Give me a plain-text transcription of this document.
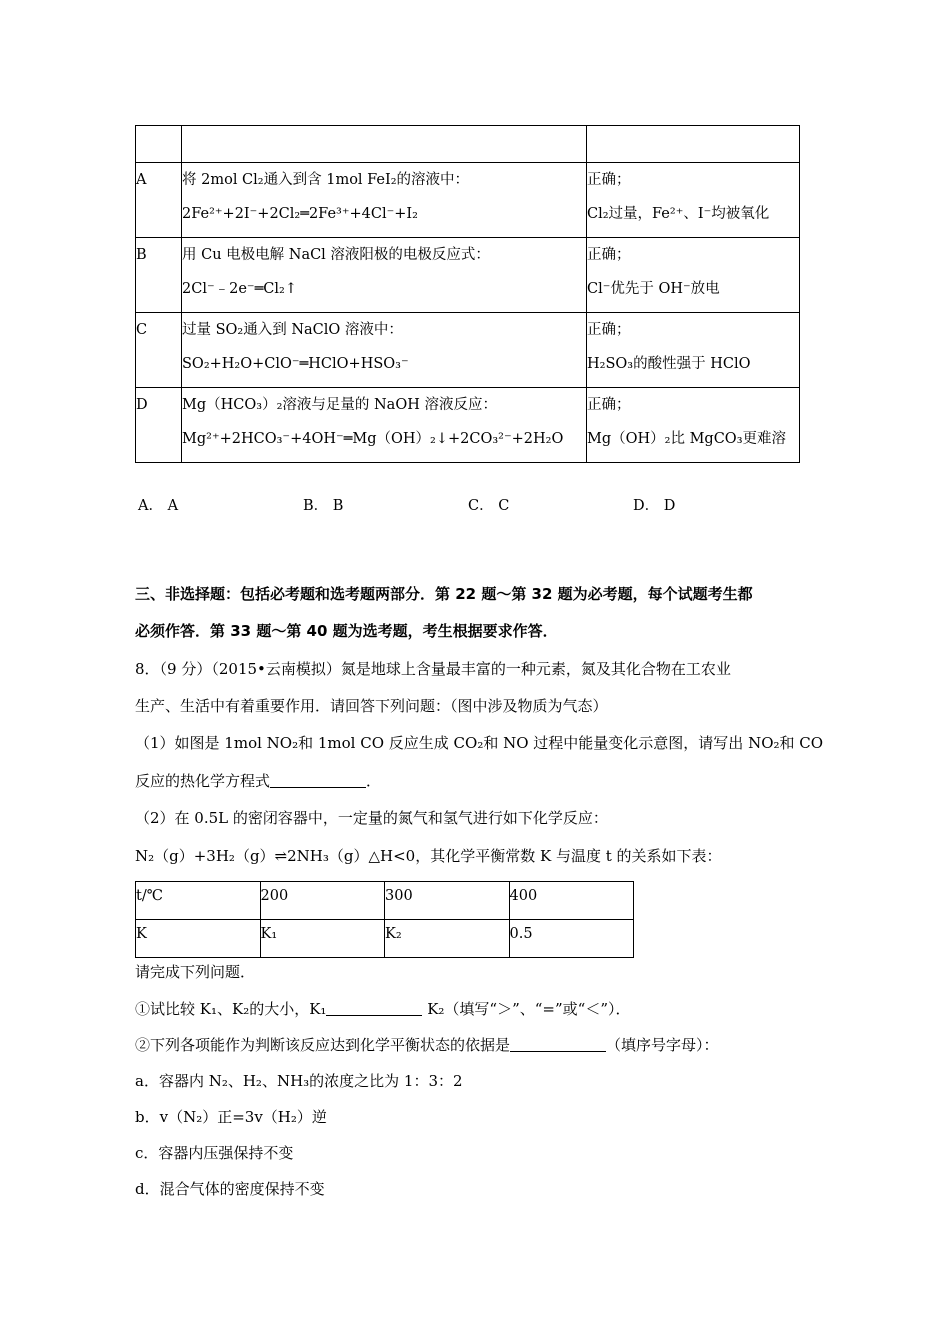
A	将 2mol Cl₂通入到含 1mol FeI₂的溶液中：
2Fe²⁺+2I⁻+2Cl₂═2Fe³⁺+4Cl⁻+I₂	正确；
Cl₂过量，Fe²⁺、I⁻均被氧化

B	用 Cu 电极电解 NaCl 溶液阳极的电极反应式：
2Cl⁻﹣2e⁻═Cl₂↑	正确；
Cl⁻优先于 OH⁻放电

C	过量 SO₂通入到 NaClO 溶液中：
SO₂+H₂O+ClO⁻═HClO+HSO₃⁻	正确；
H₂SO₃的酸性强于 HClO

D	Mg（HCO₃）₂溶液与足量的 NaOH 溶液反应：
Mg²⁺+2HCO₃⁻+4OH⁻═Mg（OH）₂↓+2CO₃²⁻+2H₂O	正确；
Mg（OH）₂比 MgCO₃更难溶
A． A	B． B	C． C	D． D
三、非选择题：包括必考题和选考题两部分．第 22 题～第 32 题为必考题，每个试题考生都
必须作答．第 33 题～第 40 题为选考题，考生根据要求作答．
8．（9 分）（2015•云南模拟）氮是地球上含量最丰富的一种元素，氮及其化合物在工农业
生产、生活中有着重要作用．请回答下列问题：（图中涉及物质为气态）
（1）如图是 1mol NO₂和 1mol CO 反应生成 CO₂和 NO 过程中能量变化示意图，请写出 NO₂和 CO
反应的热化学方程式	．
（2）在 0.5L 的密闭容器中，一定量的氮气和氢气进行如下化学反应：
N₂（g）+3H₂（g）⇌2NH₃（g）△H<0，其化学平衡常数 K 与温度 t 的关系如下表：
t/℃	200	300	400

K	K₁	K₂	0.5
请完成下列问题．
①试比较 K₁、K₂的大小，K₁	K₂（填写“＞”、“=”或“＜”）．
②下列各项能作为判断该反应达到化学平衡状态的依据是	（填序号字母）：
a．容器内 N₂、H₂、NH₃的浓度之比为 1：3：2
b．v（N₂）正=3v（H₂）逆
c．容器内压强保持不变
d．混合气体的密度保持不变
